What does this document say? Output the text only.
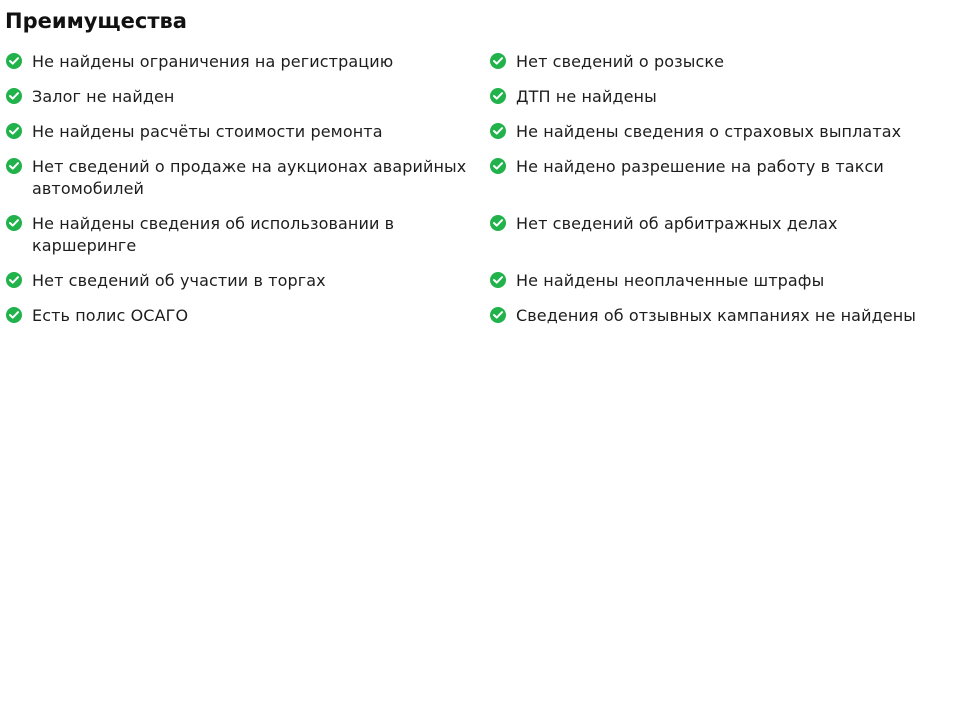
Преимущества
Не найдены ограничения на регистрацию
Залог не найден
Не найдены расчёты стоимости ремонта
Нет сведений о продаже на аукционах аварийных автомобилей
Не найдены сведения об использовании в каршеринге
Нет сведений об участии в торгах
Есть полис ОСАГО
Нет сведений о розыске
ДТП не найдены
Не найдены сведения о страховых выплатах
Не найдено разрешение на работу в такси
Нет сведений об арбитражных делах
Не найдены неоплаченные штрафы
Сведения об отзывных кампаниях не найдены
